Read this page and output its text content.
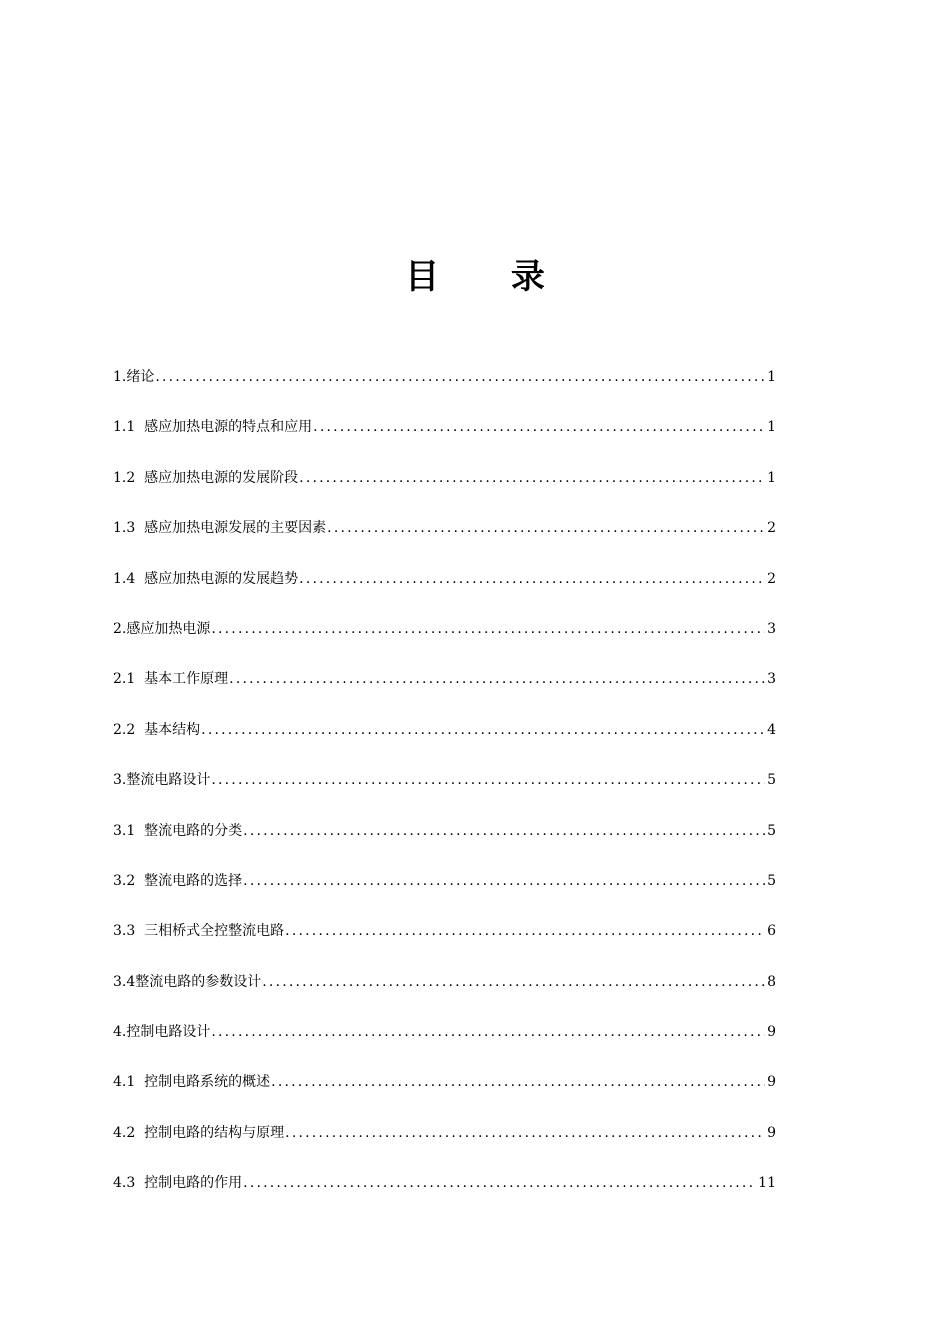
目 录
1.绪论 .....	1
1.1  感应加热电源的特点和应用 .....	1
1.2  感应加热电源的发展阶段 .....	1
1.3  感应加热电源发展的主要因素 .....	2
1.4  感应加热电源的发展趋势 .....	2
2.感应加热电源 .....	3
2.1  基本工作原理 .....	3
2.2  基本结构 .....	4
3.整流电路设计 .....	5
3.1  整流电路的分类 .....	5
3.2  整流电路的选择 .....	5
3.3  三相桥式全控整流电路 .....	6
3.4整流电路的参数设计 .....	8
4.控制电路设计 .....	9
4.1  控制电路系统的概述 .....	9
4.2  控制电路的结构与原理 .....	9
4.3  控制电路的作用 .....	11
